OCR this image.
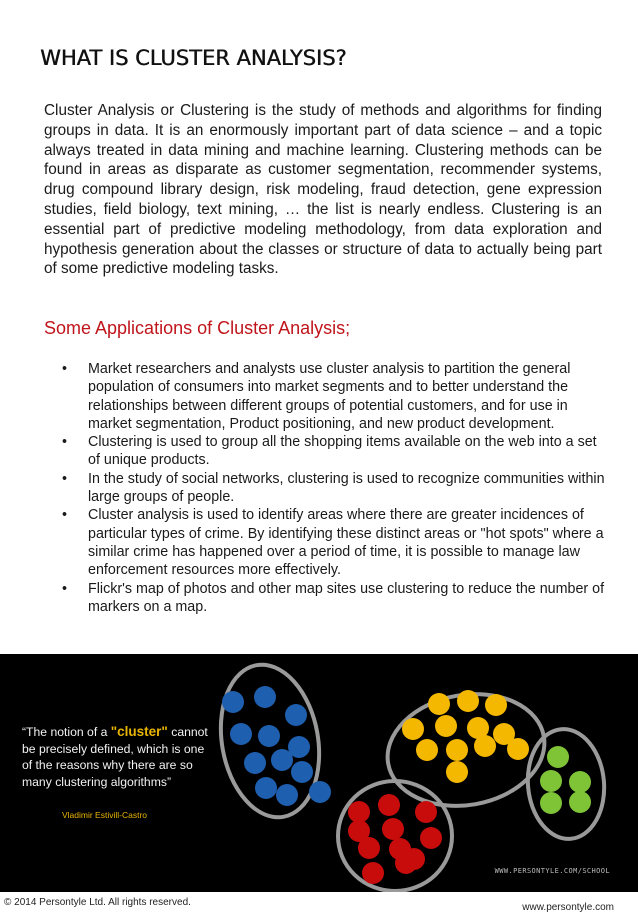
WHAT IS CLUSTER ANALYSIS?

Cluster Analysis or Clustering is the study of methods and algorithms for finding groups in data. It is an enormously important part of data science – and a topic always treated in data mining and machine learning. Clustering methods can be found in areas as disparate as customer segmentation, recommender systems, drug compound library design, risk modeling, fraud detection, gene expression studies, field biology, text mining, … the list is nearly endless. Clustering is an essential part of predictive modeling methodology, from data exploration and hypothesis generation about the classes or structure of data to actually being part of some predictive modeling tasks.

Some Applications of Cluster Analysis;
• Market researchers and analysts use cluster analysis to partition the general population of consumers into market segments and to better understand the relationships between different groups of potential customers, and for use in market segmentation, Product positioning, and new product development.
• Clustering is used to group all the shopping items available on the web into a set of unique products.
• In the study of social networks, clustering is used to recognize communities within large groups of people.
• Cluster analysis is used to identify areas where there are greater incidences of particular types of crime. By identifying these distinct areas or "hot spots" where a similar crime has happened over a period of time, it is possible to manage law enforcement resources more effectively.
• Flickr's map of photos and other map sites use clustering to reduce the number of markers on a map.

“The notion of a "cluster" cannot be precisely defined, which is one of the reasons why there are so many clustering algorithms”

Vladimir Estivill-Castro

WWW.PERSONTYLE.COM/SCHOOL

© 2014 Persontyle Ltd. All rights reserved.	www.persontyle.com
